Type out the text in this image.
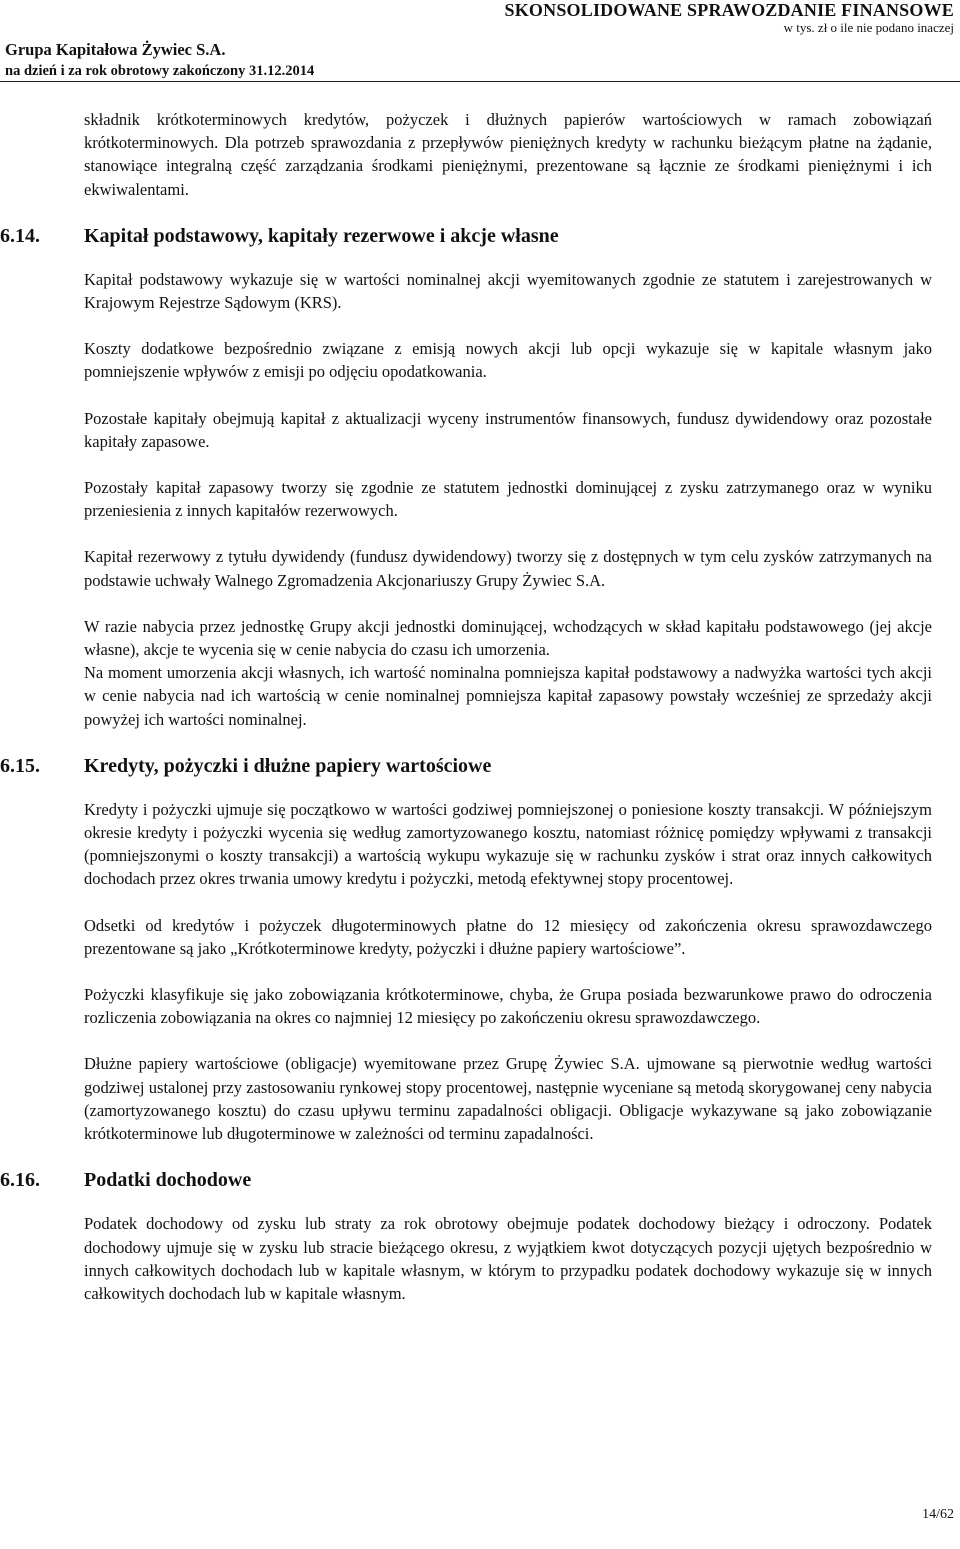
SKONSOLIDOWANE SPRAWOZDANIE FINANSOWE
w tys. zł o ile nie podano inaczej
Grupa Kapitałowa Żywiec S.A.
na dzień i za rok obrotowy zakończony 31.12.2014

składnik krótkoterminowych kredytów, pożyczek i dłużnych papierów wartościowych w ramach zobowiązań krótkoterminowych. Dla potrzeb sprawozdania z przepływów pieniężnych kredyty w rachunku bieżącym płatne na żądanie, stanowiące integralną część zarządzania środkami pieniężnymi, prezentowane są łącznie ze środkami pieniężnymi i ich ekwiwalentami.

6.14.	Kapitał podstawowy, kapitały rezerwowe i akcje własne

Kapitał podstawowy wykazuje się w wartości nominalnej akcji wyemitowanych zgodnie ze statutem i zarejestrowanych w Krajowym Rejestrze Sądowym (KRS).

Koszty dodatkowe bezpośrednio związane z emisją nowych akcji lub opcji wykazuje się w kapitale własnym jako pomniejszenie wpływów z emisji po odjęciu opodatkowania.

Pozostałe kapitały obejmują kapitał z aktualizacji wyceny instrumentów finansowych, fundusz dywidendowy oraz pozostałe kapitały zapasowe.

Pozostały kapitał zapasowy tworzy się zgodnie ze statutem jednostki dominującej z zysku zatrzymanego oraz w wyniku przeniesienia z innych kapitałów rezerwowych.

Kapitał rezerwowy z tytułu dywidendy (fundusz dywidendowy) tworzy się z dostępnych w tym celu zysków zatrzymanych na podstawie uchwały Walnego Zgromadzenia Akcjonariuszy Grupy Żywiec S.A.

W razie nabycia przez jednostkę Grupy akcji jednostki dominującej, wchodzących w skład kapitału podstawowego (jej akcje własne), akcje te wycenia się w cenie nabycia do czasu ich umorzenia.

Na moment umorzenia akcji własnych, ich wartość nominalna pomniejsza kapitał podstawowy a nadwyżka wartości tych akcji w cenie nabycia nad ich wartością w cenie nominalnej pomniejsza kapitał zapasowy powstały wcześniej ze sprzedaży akcji powyżej ich wartości nominalnej.

6.15.	Kredyty, pożyczki i dłużne papiery wartościowe

Kredyty i pożyczki ujmuje się początkowo w wartości godziwej pomniejszonej o poniesione koszty transakcji. W późniejszym okresie kredyty i pożyczki wycenia się według zamortyzowanego kosztu, natomiast różnicę pomiędzy wpływami z transakcji (pomniejszonymi o koszty transakcji) a wartością wykupu wykazuje się w rachunku zysków i strat oraz innych całkowitych dochodach przez okres trwania umowy kredytu i pożyczki, metodą efektywnej stopy procentowej.

Odsetki od kredytów i pożyczek długoterminowych płatne do 12 miesięcy od zakończenia okresu sprawozdawczego prezentowane są jako „Krótkoterminowe kredyty, pożyczki i dłużne papiery wartościowe”.

Pożyczki klasyfikuje się jako zobowiązania krótkoterminowe, chyba, że Grupa posiada bezwarunkowe prawo do odroczenia rozliczenia zobowiązania na okres co najmniej 12 miesięcy po zakończeniu okresu sprawozdawczego.

Dłużne papiery wartościowe (obligacje) wyemitowane przez Grupę Żywiec S.A. ujmowane są pierwotnie według wartości godziwej ustalonej przy zastosowaniu rynkowej stopy procentowej, następnie wyceniane są metodą skorygowanej ceny nabycia (zamortyzowanego kosztu) do czasu upływu terminu zapadalności obligacji. Obligacje wykazywane są jako zobowiązanie krótkoterminowe lub długoterminowe w zależności od terminu zapadalności.

6.16.	Podatki dochodowe

Podatek dochodowy od zysku lub straty za rok obrotowy obejmuje podatek dochodowy bieżący i odroczony. Podatek dochodowy ujmuje się w zysku lub stracie bieżącego okresu, z wyjątkiem kwot dotyczących pozycji ujętych bezpośrednio w innych całkowitych dochodach lub w kapitale własnym, w którym to przypadku podatek dochodowy wykazuje się w innych całkowitych dochodach lub w kapitale własnym.

14/62
